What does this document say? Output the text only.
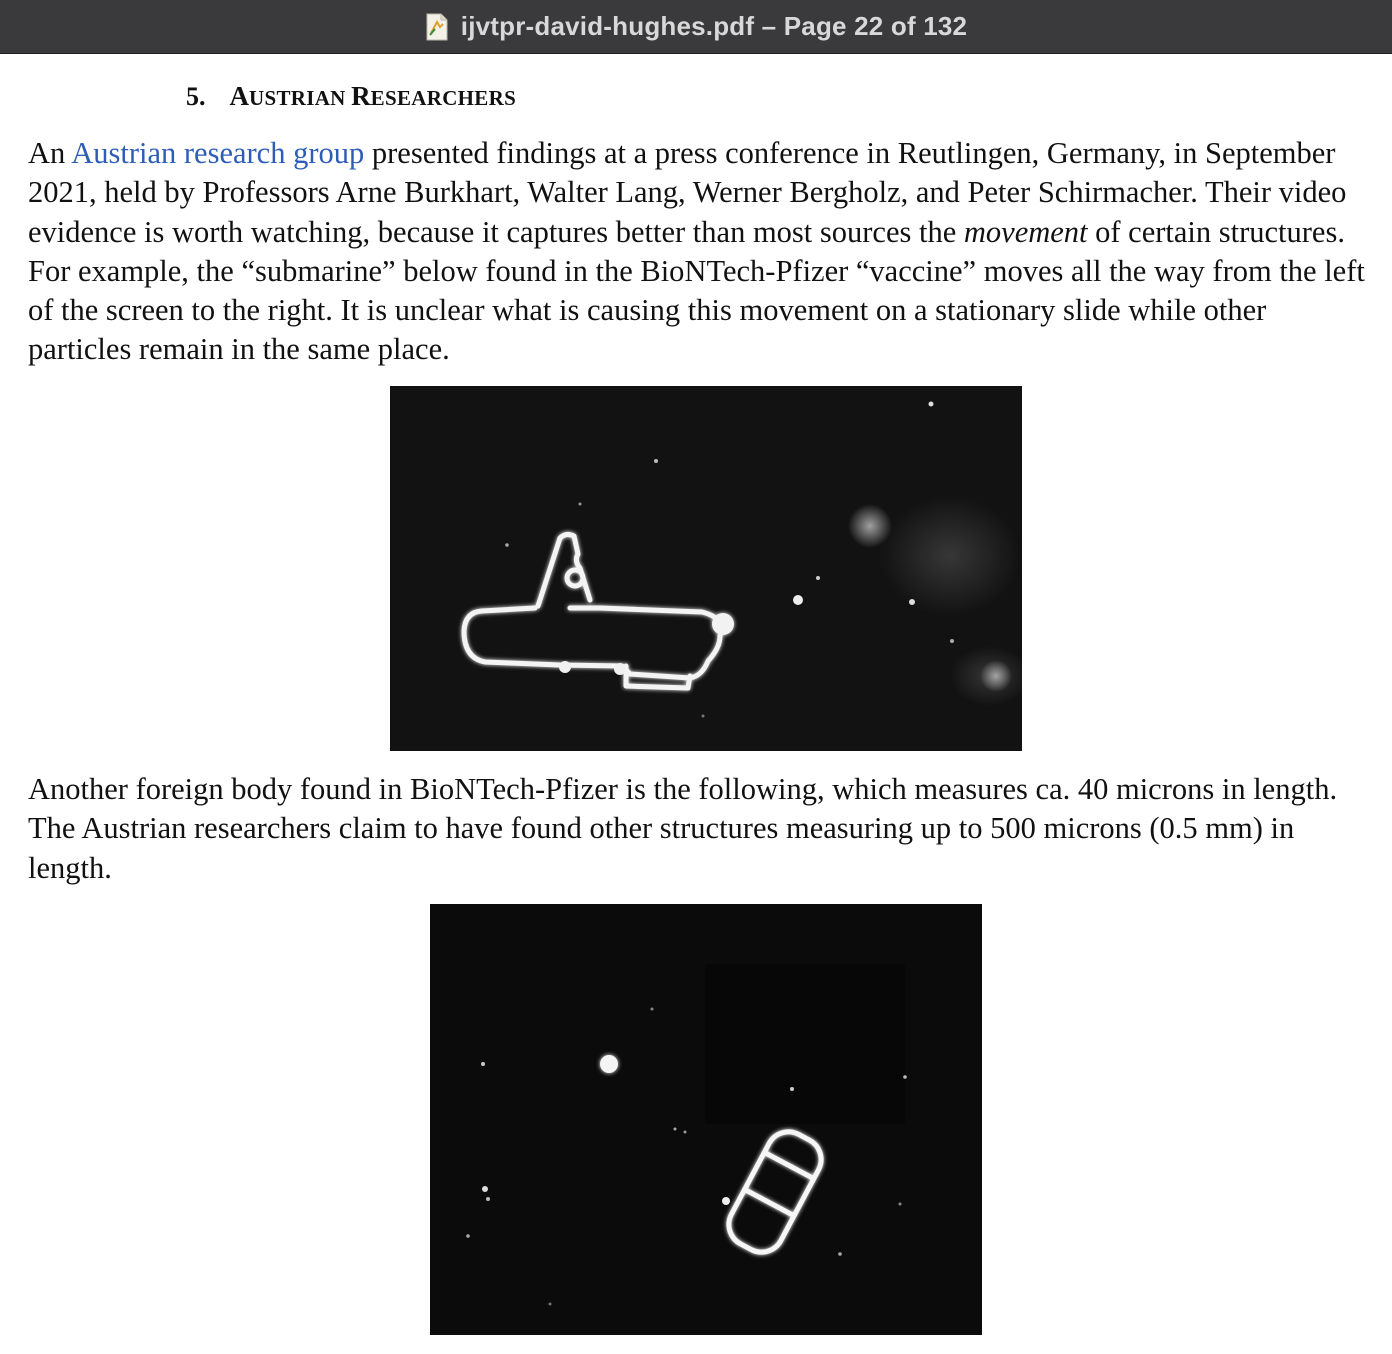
ijvtpr-david-hughes.pdf – Page 22 of 132
5. AUSTRIAN RESEARCHERS

An Austrian research group presented findings at a press conference in Reutlingen, Germany, in September 2021, held by Professors Arne Burkhart, Walter Lang, Werner Bergholz, and Peter Schirmacher. Their video evidence is worth watching, because it captures better than most sources the movement of certain structures. For example, the “submarine” below found in the BioNTech-Pfizer “vaccine” moves all the way from the left of the screen to the right. It is unclear what is causing this movement on a stationary slide while other particles remain in the same place.

Another foreign body found in BioNTech-Pfizer is the following, which measures ca. 40 microns in length. The Austrian researchers claim to have found other structures measuring up to 500 microns (0.5 mm) in length.
